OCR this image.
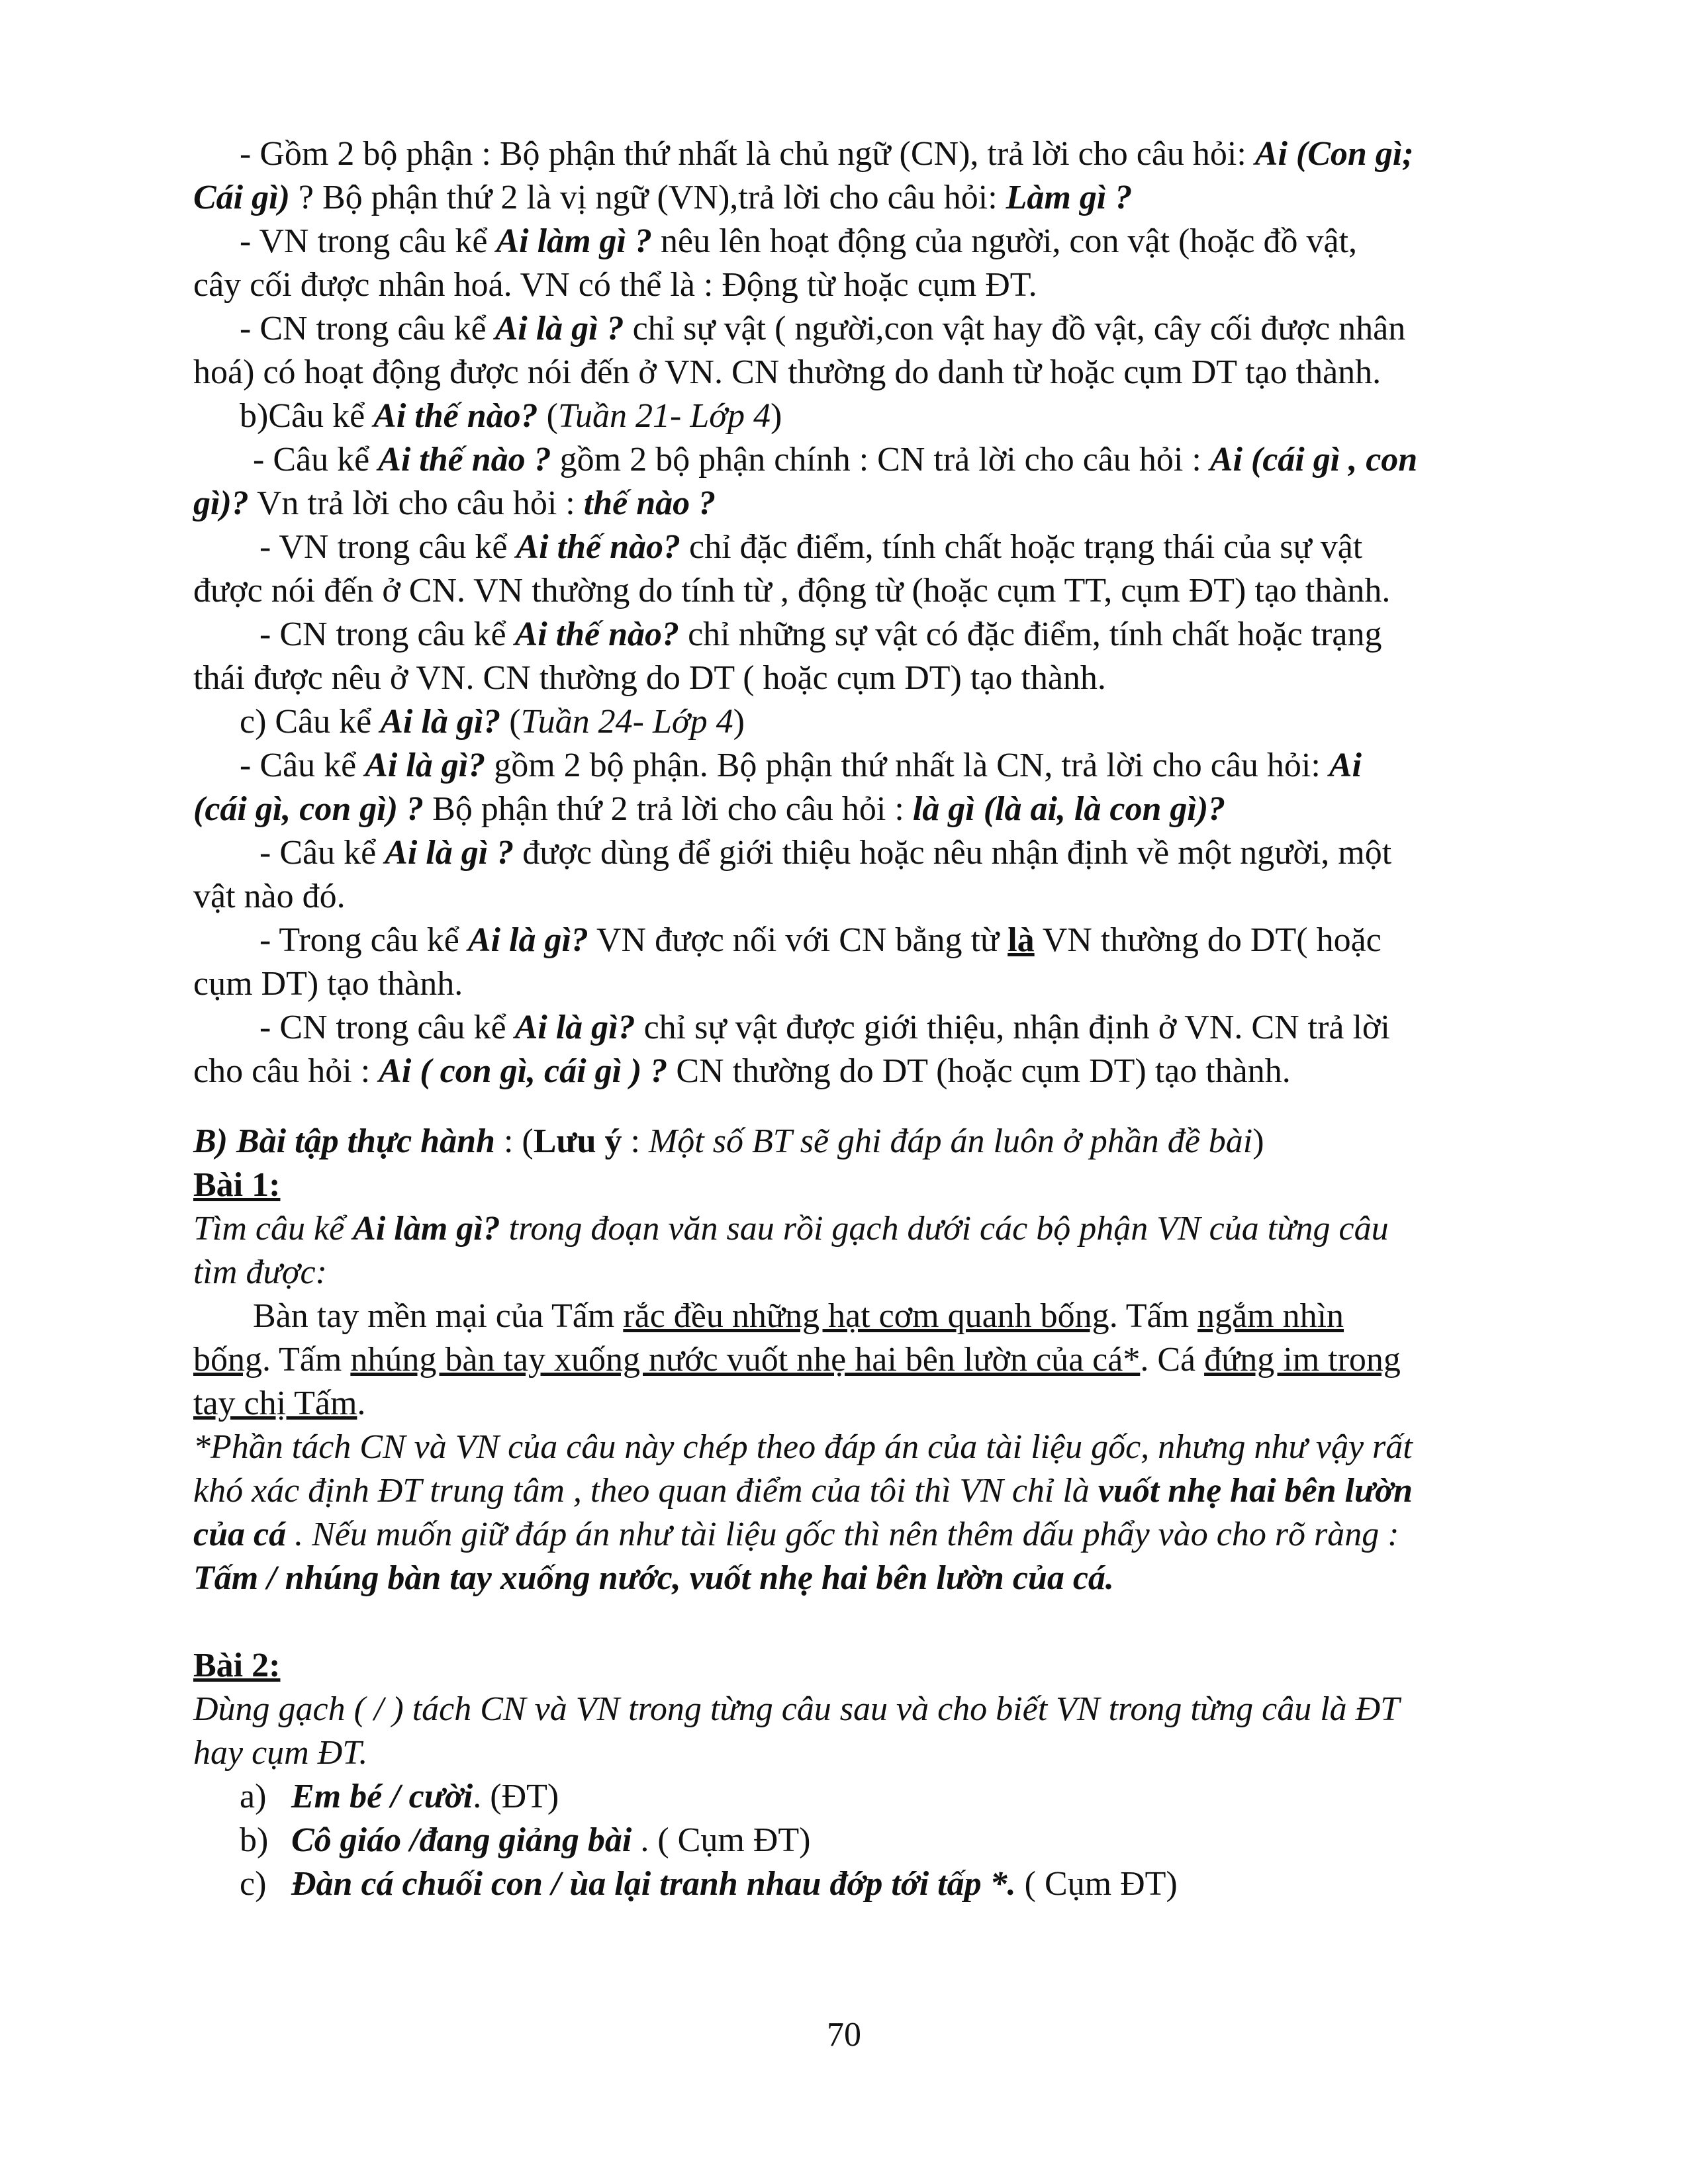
- Gồm 2 bộ phận : Bộ phận thứ nhất là chủ ngữ (CN), trả lời cho câu hỏi: Ai (Con gì;
Cái gì) ? Bộ phận thứ 2 là vị ngữ (VN),trả lời cho câu hỏi: Làm gì ?
- VN trong câu kể Ai làm gì ? nêu lên hoạt động của người, con vật (hoặc đồ vật,
cây cối được nhân hoá. VN có thể là : Động từ hoặc cụm ĐT.
- CN trong câu kể Ai là gì ? chỉ sự vật ( người,con vật hay đồ vật, cây cối được nhân
hoá) có hoạt động được nói đến ở VN. CN thường do danh từ hoặc cụm DT tạo thành.
b)Câu kể Ai thế nào? (Tuần 21- Lớp 4)
- Câu kể Ai thế nào ? gồm 2 bộ phận chính : CN trả lời cho câu hỏi : Ai (cái gì , con
gì)? Vn trả lời cho câu hỏi : thế nào ?
- VN trong câu kể Ai thế nào? chỉ đặc điểm, tính chất hoặc trạng thái của sự vật
được nói đến ở CN. VN thường do tính từ , động từ (hoặc cụm TT, cụm ĐT) tạo thành.
- CN trong câu kể Ai thế nào? chỉ những sự vật có đặc điểm, tính chất hoặc trạng
thái được nêu ở VN. CN thường do DT ( hoặc cụm DT) tạo thành.
c) Câu kể Ai là gì? (Tuần 24- Lớp 4)
- Câu kể Ai là gì? gồm 2 bộ phận. Bộ phận thứ nhất là CN, trả lời cho câu hỏi: Ai
(cái gì, con gì) ? Bộ phận thứ 2 trả lời cho câu hỏi : là gì (là ai, là con gì)?
- Câu kể Ai là gì ? được dùng để giới thiệu hoặc nêu nhận định về một người, một
vật nào đó.
- Trong câu kể Ai là gì? VN được nối với CN bằng từ là VN thường do DT( hoặc
cụm DT) tạo thành.
- CN trong câu kể Ai là gì? chỉ sự vật được giới thiệu, nhận định ở VN. CN trả lời
cho câu hỏi : Ai ( con gì, cái gì ) ? CN thường do DT (hoặc cụm DT) tạo thành.
B) Bài tập thực hành : (Lưu ý : Một số BT sẽ ghi đáp án luôn ở phần đề bài)
Bài 1:
Tìm câu kể Ai làm gì? trong đoạn văn sau rồi gạch dưới các bộ phận VN của từng câu
tìm được:
Bàn tay mền mại của Tấm rắc đều những hạt cơm quanh bống. Tấm ngắm nhìn
bống. Tấm nhúng bàn tay xuống nước vuốt nhẹ hai bên lườn của cá*. Cá đứng im trong
tay chị Tấm.
*Phần tách CN và VN của câu này chép theo đáp án của tài liệu gốc, nhưng như vậy rất
khó xác định ĐT trung tâm , theo quan điểm của tôi thì VN chỉ là vuốt nhẹ hai bên lườn
của cá . Nếu muốn giữ đáp án như tài liệu gốc thì nên thêm dấu phẩy vào cho rõ ràng :
Tấm / nhúng bàn tay xuống nước, vuốt nhẹ hai bên lườn của cá.
Bài 2:
Dùng gạch ( / ) tách CN và VN trong từng câu sau và cho biết VN trong từng câu là ĐT
hay cụm ĐT.
a) Em bé / cười. (ĐT)
b) Cô giáo /đang giảng bài . ( Cụm ĐT)
c) Đàn cá chuối con / ùa lại tranh nhau đớp tới tấp *. ( Cụm ĐT)
70
